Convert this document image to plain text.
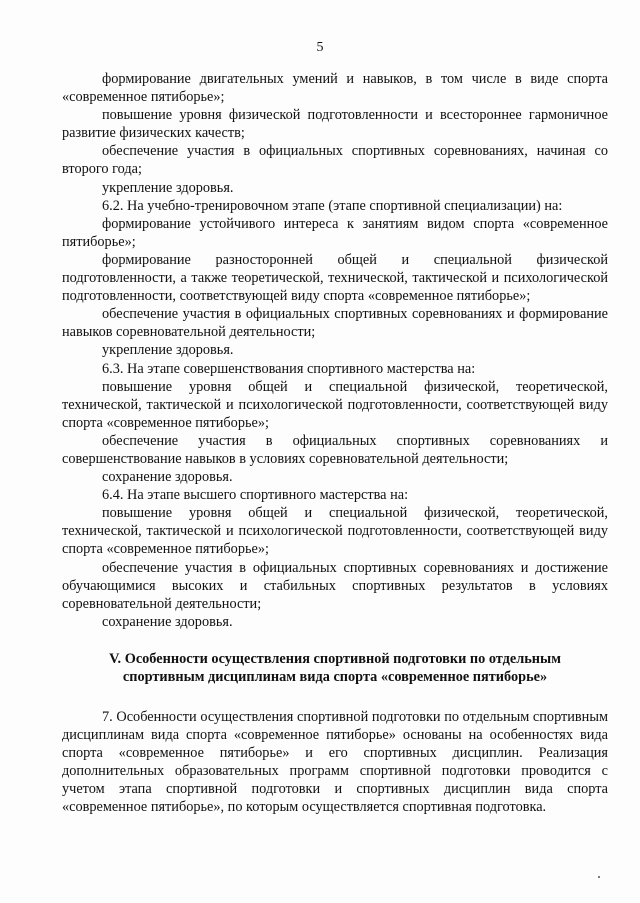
5

формирование двигательных умений и навыков, в том числе в виде спорта «современное пятиборье»;

повышение уровня физической подготовленности и всестороннее гармоничное развитие физических качеств;

обеспечение участия в официальных спортивных соревнованиях, начиная со второго года;

укрепление здоровья.

6.2. На учебно-тренировочном этапе (этапе спортивной специализации) на:

формирование устойчивого интереса к занятиям видом спорта «современное пятиборье»;

формирование разносторонней общей и специальной физической подготовленности, а также теоретической, технической, тактической и психологической подготовленности, соответствующей виду спорта «современное пятиборье»;

обеспечение участия в официальных спортивных соревнованиях и формирование навыков соревновательной деятельности;

укрепление здоровья.

6.3. На этапе совершенствования спортивного мастерства на:

повышение уровня общей и специальной физической, теоретической, технической, тактической и психологической подготовленности, соответствующей виду спорта «современное пятиборье»;

обеспечение участия в официальных спортивных соревнованиях и совершенствование навыков в условиях соревновательной деятельности;

сохранение здоровья.

6.4. На этапе высшего спортивного мастерства на:

повышение уровня общей и специальной физической, теоретической, технической, тактической и психологической подготовленности, соответствующей виду спорта «современное пятиборье»;

обеспечение участия в официальных спортивных соревнованиях и достижение обучающимися высоких и стабильных спортивных результатов в условиях соревновательной деятельности;

сохранение здоровья.

V. Особенности осуществления спортивной подготовки по отдельным
спортивным дисциплинам вида спорта «современное пятиборье»

7. Особенности осуществления спортивной подготовки по отдельным спортивным дисциплинам вида спорта «современное пятиборье» основаны на особенностях вида спорта «современное пятиборье» и его спортивных дисциплин. Реализация дополнительных образовательных программ спортивной подготовки проводится с учетом этапа спортивной подготовки и спортивных дисциплин вида спорта «современное пятиборье», по которым осуществляется спортивная подготовка.
